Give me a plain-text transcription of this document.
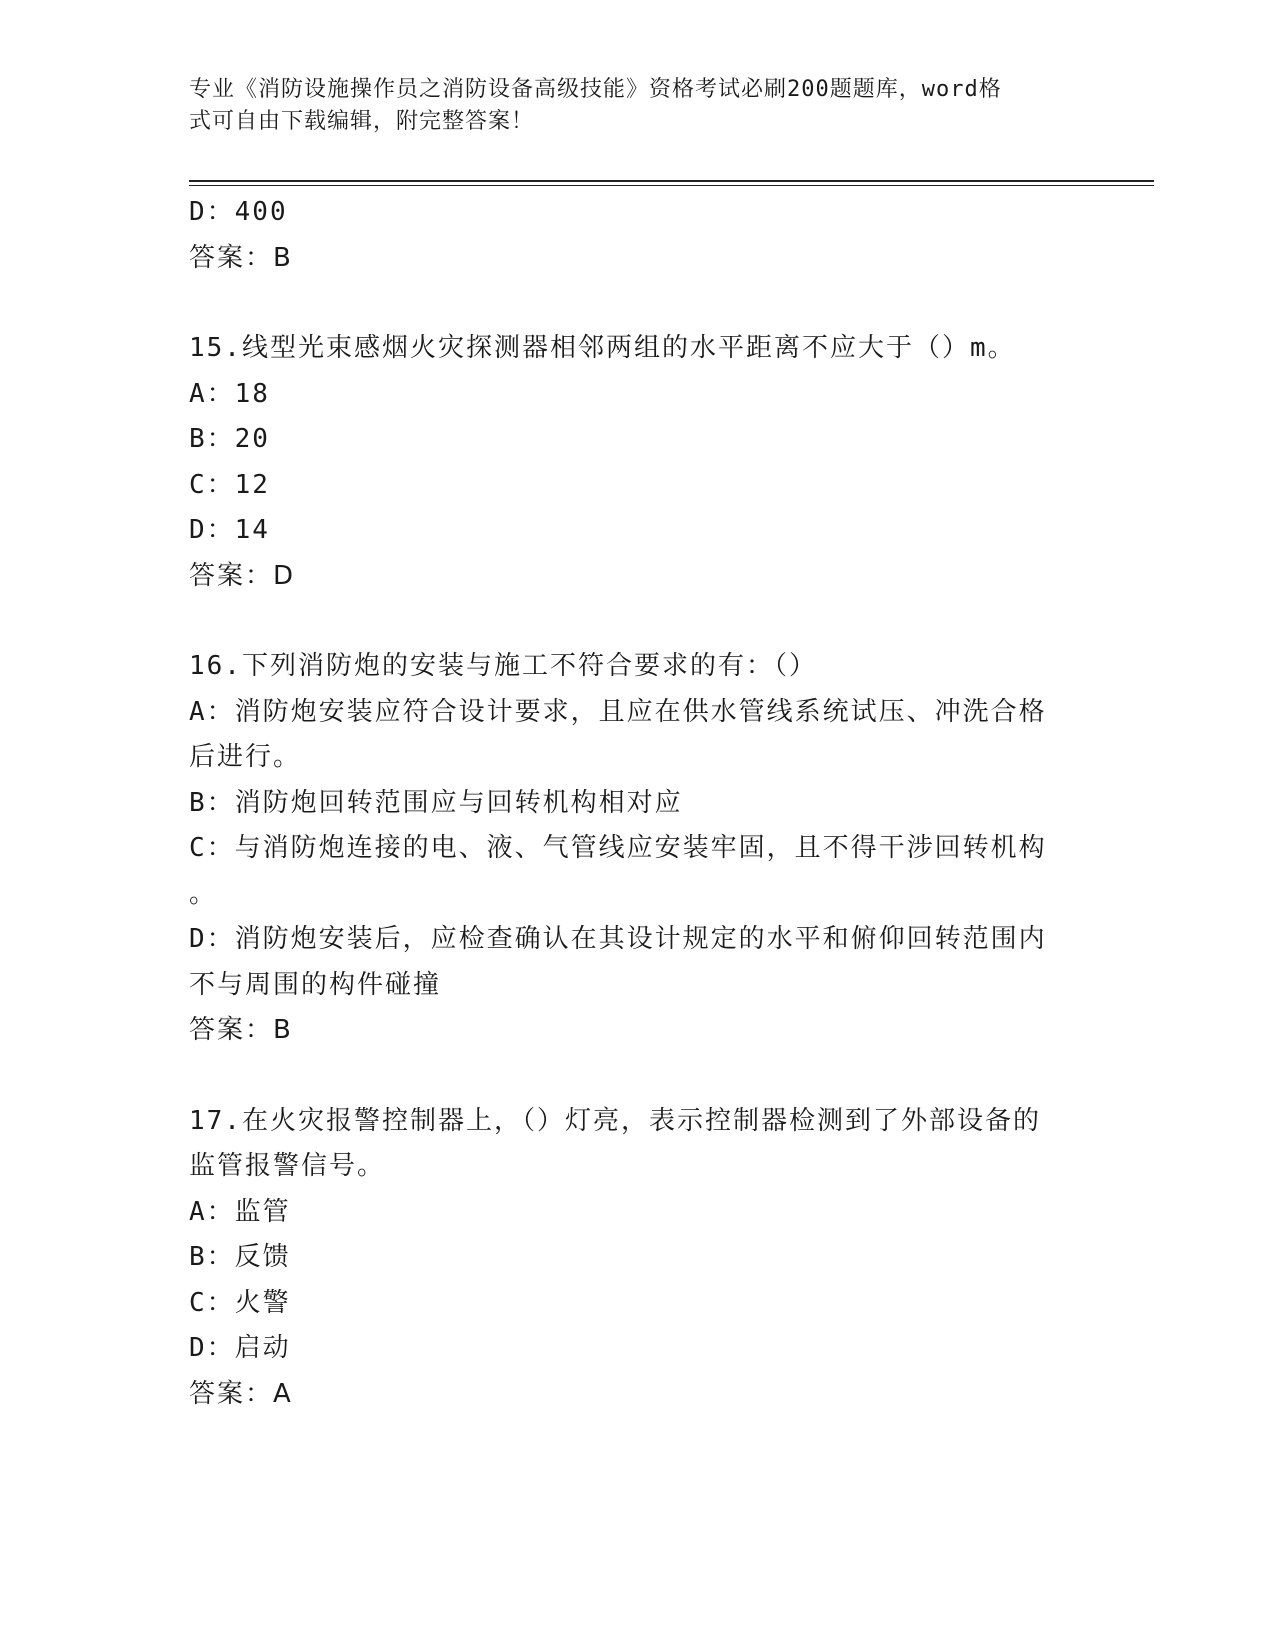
专业《消防设施操作员之消防设备高级技能》资格考试必刷200题题库，word格
式可自由下载编辑，附完整答案！

D：400

答案：B

15.线型光束感烟火灾探测器相邻两组的水平距离不应大于（）m。

A：18

B：20

C：12

D：14

答案：D

16.下列消防炮的安装与施工不符合要求的有：（）

A：消防炮安装应符合设计要求，且应在供水管线系统试压、冲洗合格

后进行。

B：消防炮回转范围应与回转机构相对应

C：与消防炮连接的电、液、气管线应安装牢固，且不得干涉回转机构

。

D：消防炮安装后，应检查确认在其设计规定的水平和俯仰回转范围内

不与周围的构件碰撞

答案：B

17.在火灾报警控制器上，（）灯亮，表示控制器检测到了外部设备的

监管报警信号。

A：监管

B：反馈

C：火警

D：启动

答案：A
